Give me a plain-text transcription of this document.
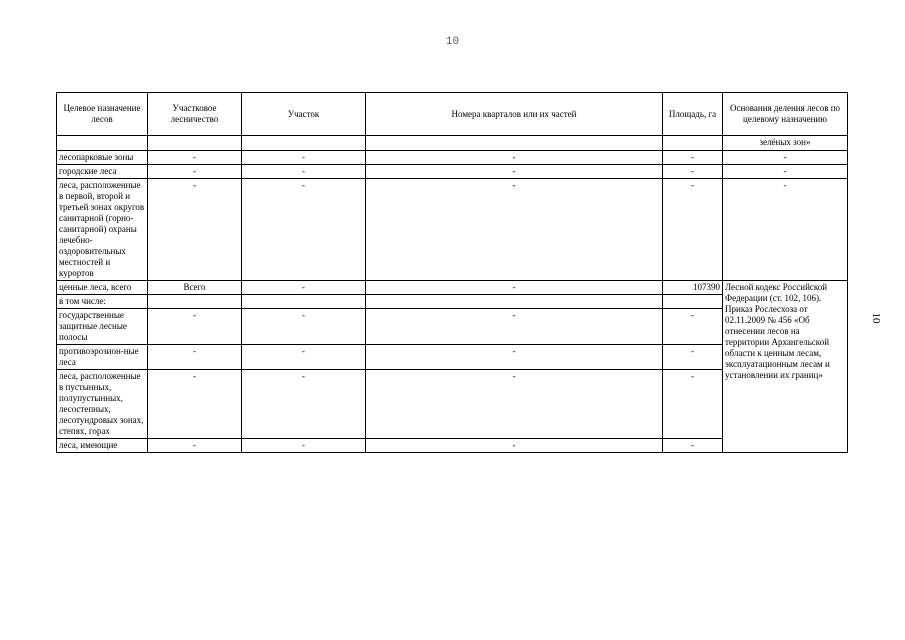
10
10
Целевое назначение лесов	Участковое лесничество	Участок	Номера кварталов или их частей	Площадь, га	Основания деления лесов по целевому назначению
					зелёных зон»
лесопарковые зоны	-	-	-	-	-
городские леса	-	-	-	-	-
леса, расположенные в первой, второй и третьей зонах округов санитарной (горно-санитарной) охраны лечебно-оздоровительных местностей и курортов	-	-	-	-	-
ценные леса, всего	Всего	-	-	107390	Лесной кодекс Российской Федерации (ст. 102, 106). Приказ Рослесхоза от 02.11.2009 № 456 «Об отнесении лесов на территории Архангельской области к ценным лесам, эксплуатационным лесам и установлении их границ»
в том числе:					
государственные защитные лесные полосы	-	-	-	-	
противоэрозион-ные леса	-	-	-	-	
леса, расположенные в пустынных, полупустынных, лесостепных, лесотундровых зонах, степях, горах	-	-	-	-	
леса, имеющие	-	-	-	-	
